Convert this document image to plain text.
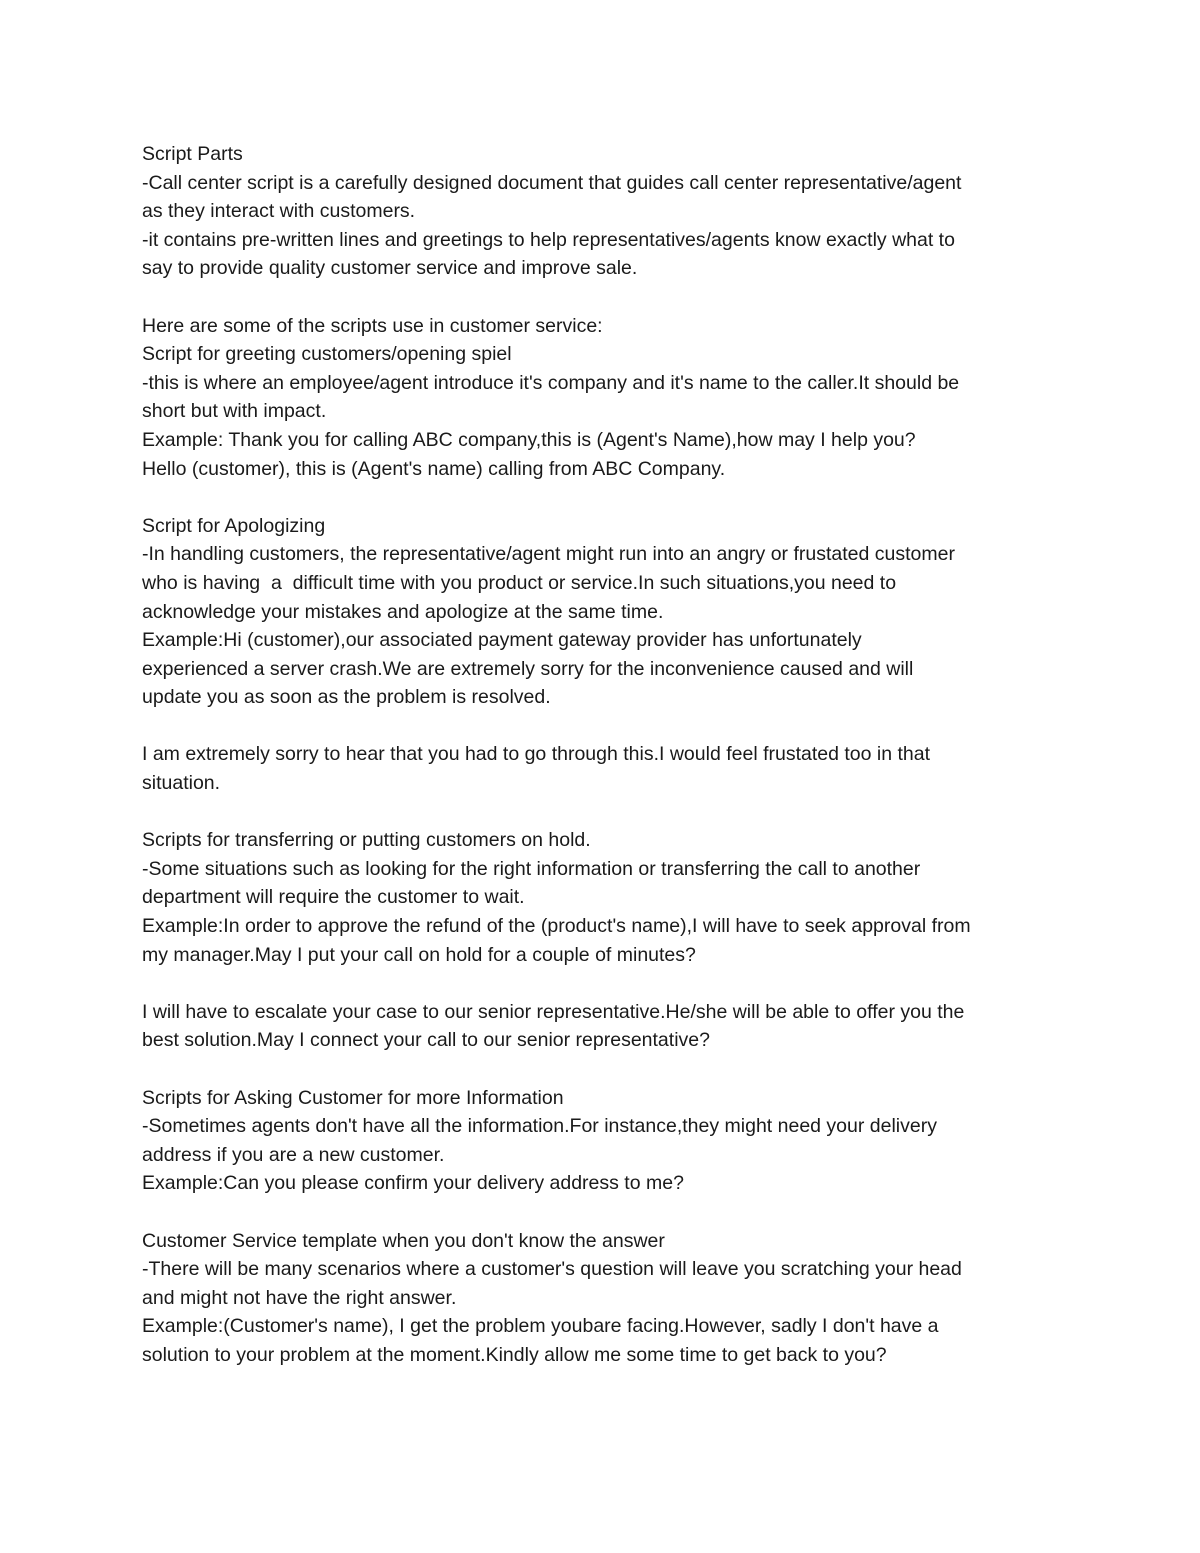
Script Parts
-Call center script is a carefully designed document that guides call center representative/agent
as they interact with customers.
-it contains pre-written lines and greetings to help representatives/agents know exactly what to
say to provide quality customer service and improve sale.
Here are some of the scripts use in customer service:
Script for greeting customers/opening spiel
-this is where an employee/agent introduce it's company and it's name to the caller.It should be
short but with impact.
Example: Thank you for calling ABC company,this is (Agent's Name),how may I help you?
Hello (customer), this is (Agent's name) calling from ABC Company.
Script for Apologizing
-In handling customers, the representative/agent might run into an angry or frustated customer
who is having  a  difficult time with you product or service.In such situations,you need to
acknowledge your mistakes and apologize at the same time.
Example:Hi (customer),our associated payment gateway provider has unfortunately
experienced a server crash.We are extremely sorry for the inconvenience caused and will
update you as soon as the problem is resolved.
I am extremely sorry to hear that you had to go through this.I would feel frustated too in that
situation.
Scripts for transferring or putting customers on hold.
-Some situations such as looking for the right information or transferring the call to another
department will require the customer to wait.
Example:In order to approve the refund of the (product's name),I will have to seek approval from
my manager.May I put your call on hold for a couple of minutes?
I will have to escalate your case to our senior representative.He/she will be able to offer you the
best solution.May I connect your call to our senior representative?
Scripts for Asking Customer for more Information
-Sometimes agents don't have all the information.For instance,they might need your delivery
address if you are a new customer.
Example:Can you please confirm your delivery address to me?
Customer Service template when you don't know the answer
-There will be many scenarios where a customer's question will leave you scratching your head
and might not have the right answer.
Example:(Customer's name), I get the problem youbare facing.However, sadly I don't have a
solution to your problem at the moment.Kindly allow me some time to get back to you?
